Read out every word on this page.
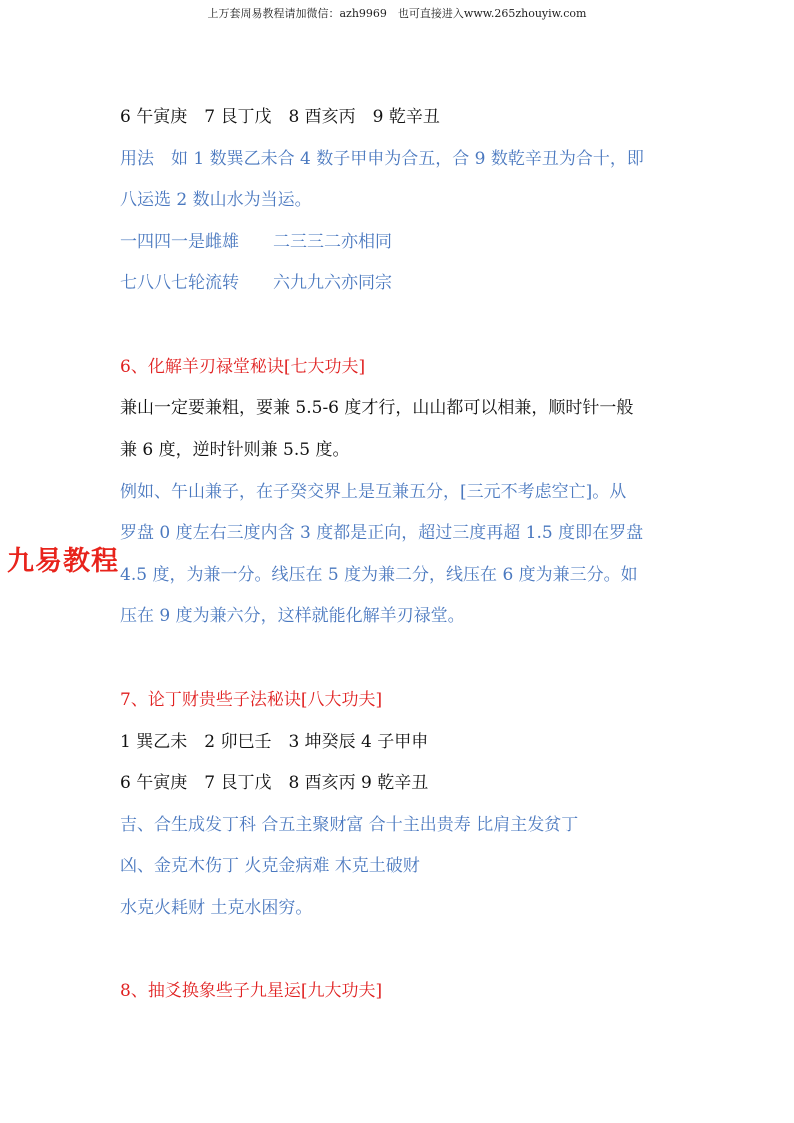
上万套周易教程请加微信：azh9969　也可直接进入www.265zhouyiw.com
6 午寅庚　7 艮丁戊　8 酉亥丙　9 乾辛丑
用法　如 1 数巽乙未合 4 数子甲申为合五，合 9 数乾辛丑为合十，即
八运选 2 数山水为当运。
一四四一是雌雄　　二三三二亦相同
七八八七轮流转　　六九九六亦同宗
6、化解羊刃禄堂秘诀[七大功夫]
兼山一定要兼粗，要兼 5.5-6 度才行，山山都可以相兼，顺时针一般
兼 6 度，逆时针则兼 5.5 度。
例如、午山兼子，在子癸交界上是互兼五分，[三元不考虑空亡]。从
罗盘 0 度左右三度内含 3 度都是正向，超过三度再超 1.5 度即在罗盘
4.5 度，为兼一分。线压在 5 度为兼二分，线压在 6 度为兼三分。如
压在 9 度为兼六分，这样就能化解羊刃禄堂。
7、论丁财贵些子法秘诀[八大功夫]
1 巽乙未　2 卯巳壬　3 坤癸辰 4 子甲申
6 午寅庚　7 艮丁戊　8 酉亥丙 9 乾辛丑
吉、合生成发丁科 合五主聚财富 合十主出贵寿 比肩主发贫丁
凶、金克木伤丁 火克金病难 木克土破财
水克火耗财 土克水困穷。
8、抽爻换象些子九星运[九大功夫]
九易教程
